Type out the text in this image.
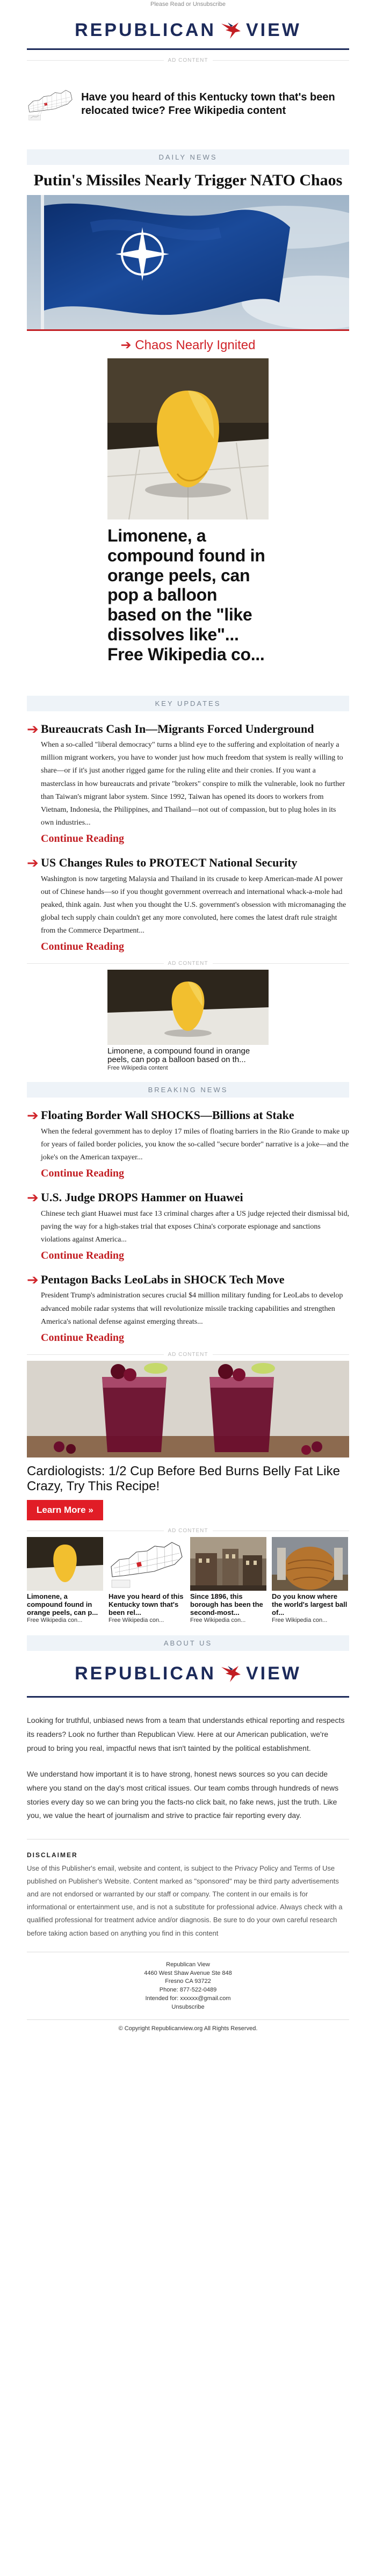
Please Read or Unsubscribe
REPUBLICAN VIEW
AD CONTENT
Have you heard of this Kentucky town that's been relocated twice? Free Wikipedia content
DAILY NEWS
Putin's Missiles Nearly Trigger NATO Chaos
➔ Chaos Nearly Ignited
Limonene, a compound found in orange peels, can pop a balloon based on the "like dissolves like"... Free Wikipedia co...
KEY UPDATES
➔ Bureaucrats Cash In—Migrants Forced Underground

When a so-called "liberal democracy" turns a blind eye to the suffering and exploitation of nearly a million migrant workers, you have to wonder just how much freedom that system is really willing to share—or if it's just another rigged game for the ruling elite and their cronies. If you want a masterclass in how bureaucrats and private "brokers" conspire to milk the vulnerable, look no further than Taiwan's migrant labor system. Since 1992, Taiwan has opened its doors to workers from Vietnam, Indonesia, the Philippines, and Thailand—not out of compassion, but to plug holes in its own industries...

Continue Reading
➔ US Changes Rules to PROTECT National Security

Washington is now targeting Malaysia and Thailand in its crusade to keep American-made AI power out of Chinese hands—so if you thought government overreach and international whack-a-mole had peaked, think again. Just when you thought the U.S. government's obsession with micromanaging the global tech supply chain couldn't get any more convoluted, here comes the latest draft rule straight from the Commerce Department...

Continue Reading
AD CONTENT
Limonene, a compound found in orange peels, can pop a balloon based on th...
Free Wikipedia content
BREAKING NEWS
➔ Floating Border Wall SHOCKS—Billions at Stake

When the federal government has to deploy 17 miles of floating barriers in the Rio Grande to make up for years of failed border policies, you know the so-called "secure border" narrative is a joke—and the joke's on the American taxpayer...

Continue Reading
➔ U.S. Judge DROPS Hammer on Huawei

Chinese tech giant Huawei must face 13 criminal charges after a US judge rejected their dismissal bid, paving the way for a high-stakes trial that exposes China's corporate espionage and sanctions violations against America...

Continue Reading
➔ Pentagon Backs LeoLabs in SHOCK Tech Move

President Trump's administration secures crucial $4 million military funding for LeoLabs to develop advanced mobile radar systems that will revolutionize missile tracking capabilities and strengthen America's national defense against emerging threats...

Continue Reading
AD CONTENT
Cardiologists: 1/2 Cup Before Bed Burns Belly Fat Like Crazy, Try This Recipe!
Learn More »
AD CONTENT
Limonene, a compound found in orange peels, can p...
Free Wikipedia con...
Have you heard of this Kentucky town that's been rel...
Free Wikipedia con...
Since 1896, this borough has been the second-most...
Free Wikipedia con...
Do you know where the world's largest ball of...
Free Wikipedia con...
ABOUT US
REPUBLICAN VIEW
Looking for truthful, unbiased news from a team that understands ethical reporting and respects its readers? Look no further than Republican View. Here at our American publication, we're proud to bring you real, impactful news that isn't tainted by the political establishment.
We understand how important it is to have strong, honest news sources so you can decide where you stand on the day's most critical issues. Our team combs through hundreds of news stories every day so we can bring you the facts-no click bait, no fake news, just the truth. Like you, we value the heart of journalism and strive to practice fair reporting every day.
DISCLAIMER
Use of this Publisher's email, website and content, is subject to the Privacy Policy and Terms of Use published on Publisher's Website. Content marked as "sponsored" may be third party advertisements and are not endorsed or warranted by our staff or company. The content in our emails is for informational or entertainment use, and is not a substitute for professional advice. Always check with a qualified professional for treatment advice and/or diagnosis. Be sure to do your own careful research before taking action based on anything you find in this content
Republican View
4460 West Shaw Avenue Ste 848
Fresno CA 93722
Phone: 877-522-0489
Intended for: xxxxxx@gmail.com
Unsubscribe
© Copyright Republicanview.org All Rights Reserved.
